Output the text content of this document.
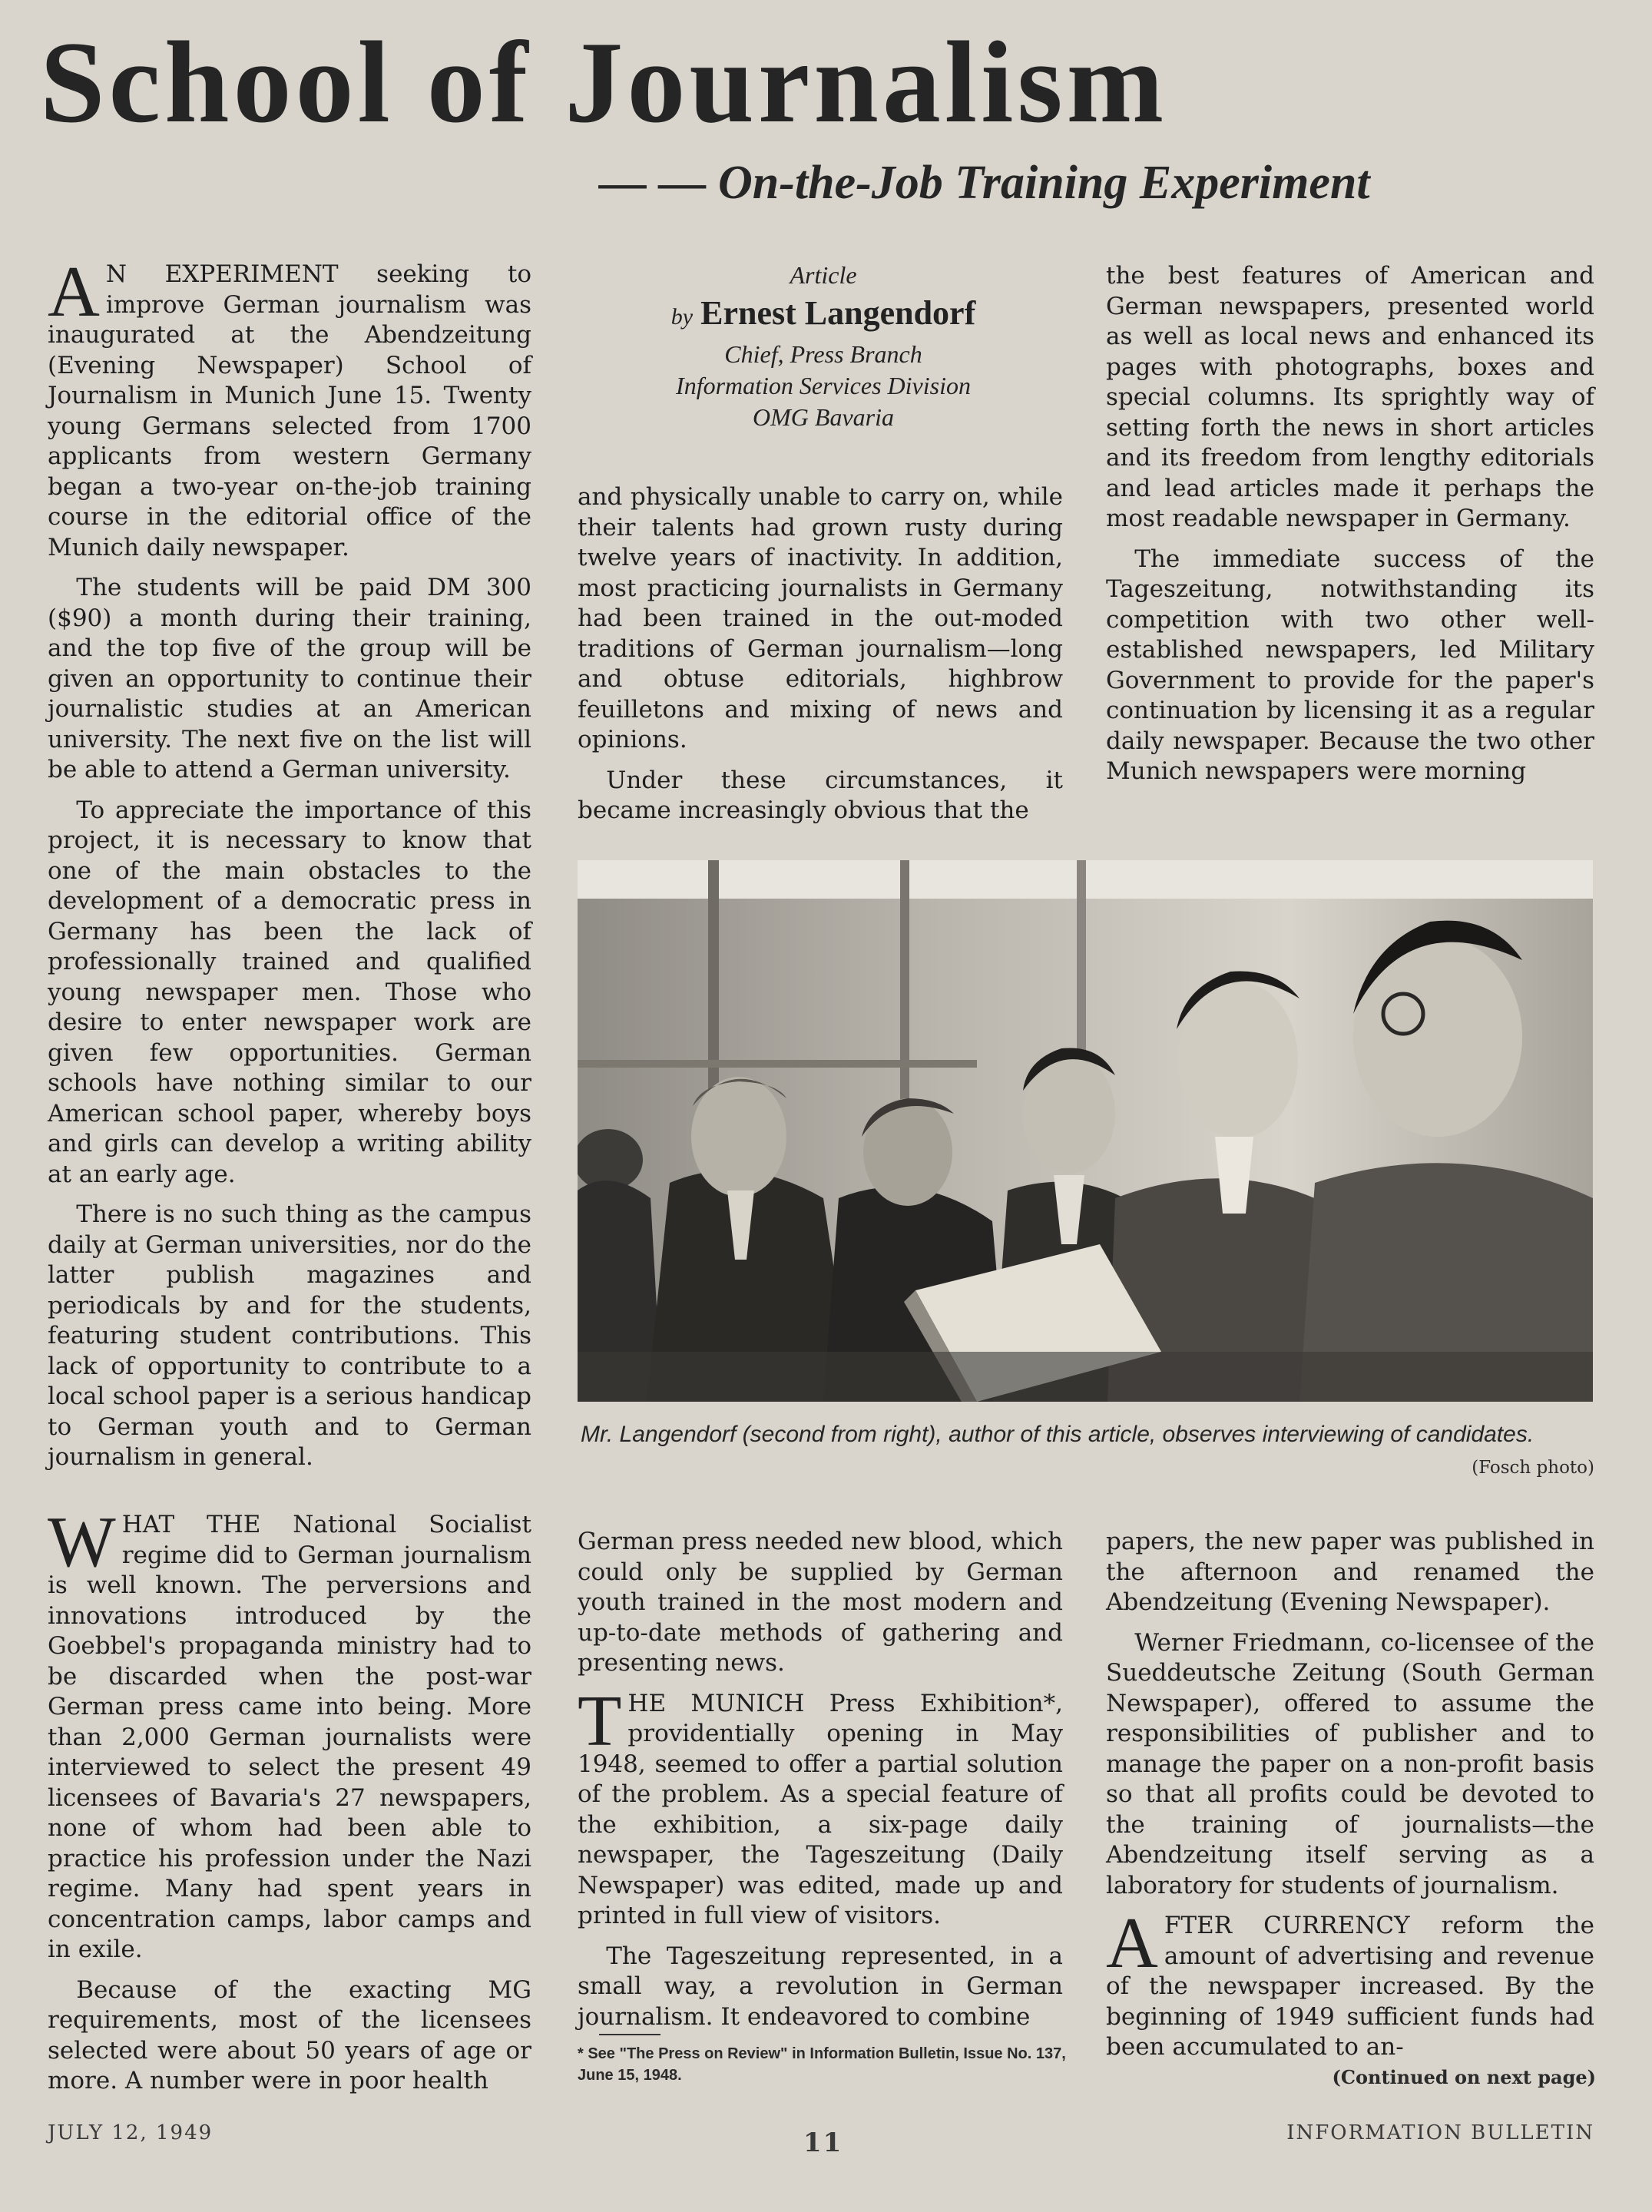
School of Journalism
— — On-the-Job Training Experiment

A N EXPERIMENT seeking to improve German journalism was inaugurated at the Abendzeitung (Evening Newspaper) School of Journalism in Munich June 15. Twenty young Germans selected from 1700 applicants from western Germany began a two-year on-the-job training course in the editorial office of the Munich daily newspaper.

The students will be paid DM 300 ($90) a month during their training, and the top five of the group will be given an opportunity to continue their journalistic studies at an American university. The next five on the list will be able to attend a German university.

To appreciate the importance of this project, it is necessary to know that one of the main obstacles to the development of a democratic press in Germany has been the lack of professionally trained and qualified young newspaper men. Those who desire to enter newspaper work are given few opportunities. German schools have nothing similar to our American school paper, whereby boys and girls can develop a writing ability at an early age.

There is no such thing as the campus daily at German universities, nor do the latter publish magazines and periodicals by and for the students, featuring student contributions. This lack of opportunity to contribute to a local school paper is a serious handicap to German youth and to German journalism in general.

Article
by Ernest Langendorf
Chief, Press Branch
Information Services Division
OMG Bavaria

and physically unable to carry on, while their talents had grown rusty during twelve years of inactivity. In addition, most practicing journalists in Germany had been trained in the out-moded traditions of German journalism—long and obtuse editorials, highbrow feuilletons and mixing of news and opinions.

Under these circumstances, it became increasingly obvious that the

the best features of American and German newspapers, presented world as well as local news and enhanced its pages with photographs, boxes and special columns. Its sprightly way of setting forth the news in short articles and its freedom from lengthy editorials and lead articles made it perhaps the most readable newspaper in Germany.

The immediate success of the Tageszeitung, notwithstanding its competition with two other well-established newspapers, led Military Government to provide for the paper's continuation by licensing it as a regular daily newspaper. Because the two other Munich newspapers were morning

Mr. Langendorf (second from right), author of this article, observes interviewing of candidates.
(Fosch photo)

WHAT THE National Socialist regime did to German journalism is well known. The perversions and innovations introduced by the Goebbel's propaganda ministry had to be discarded when the post-war German press came into being. More than 2,000 German journalists were interviewed to select the present 49 licensees of Bavaria's 27 newspapers, none of whom had been able to practice his profession under the Nazi regime. Many had spent years in concentration camps, labor camps and in exile.

Because of the exacting MG requirements, most of the licensees selected were about 50 years of age or more. A number were in poor health

German press needed new blood, which could only be supplied by German youth trained in the most modern and up-to-date methods of gathering and presenting news.

THE MUNICH Press Exhibition*, providentially opening in May 1948, seemed to offer a partial solution of the problem. As a special feature of the exhibition, a six-page daily newspaper, the Tageszeitung (Daily Newspaper) was edited, made up and printed in full view of visitors.

The Tageszeitung represented, in a small way, a revolution in German journalism. It endeavored to combine

* See "The Press on Review" in Information Bulletin, Issue No. 137, June 15, 1948.

papers, the new paper was published in the afternoon and renamed the Abendzeitung (Evening Newspaper).

Werner Friedmann, co-licensee of the Sueddeutsche Zeitung (South German Newspaper), offered to assume the responsibilities of publisher and to manage the paper on a non-profit basis so that all profits could be devoted to the training of journalists—the Abendzeitung itself serving as a laboratory for students of journalism.

AFTER CURRENCY reform the amount of advertising and revenue of the newspaper increased. By the beginning of 1949 sufficient funds had been accumulated to an-

(Continued on next page)
JULY 12, 1949	11	INFORMATION BULLETIN
